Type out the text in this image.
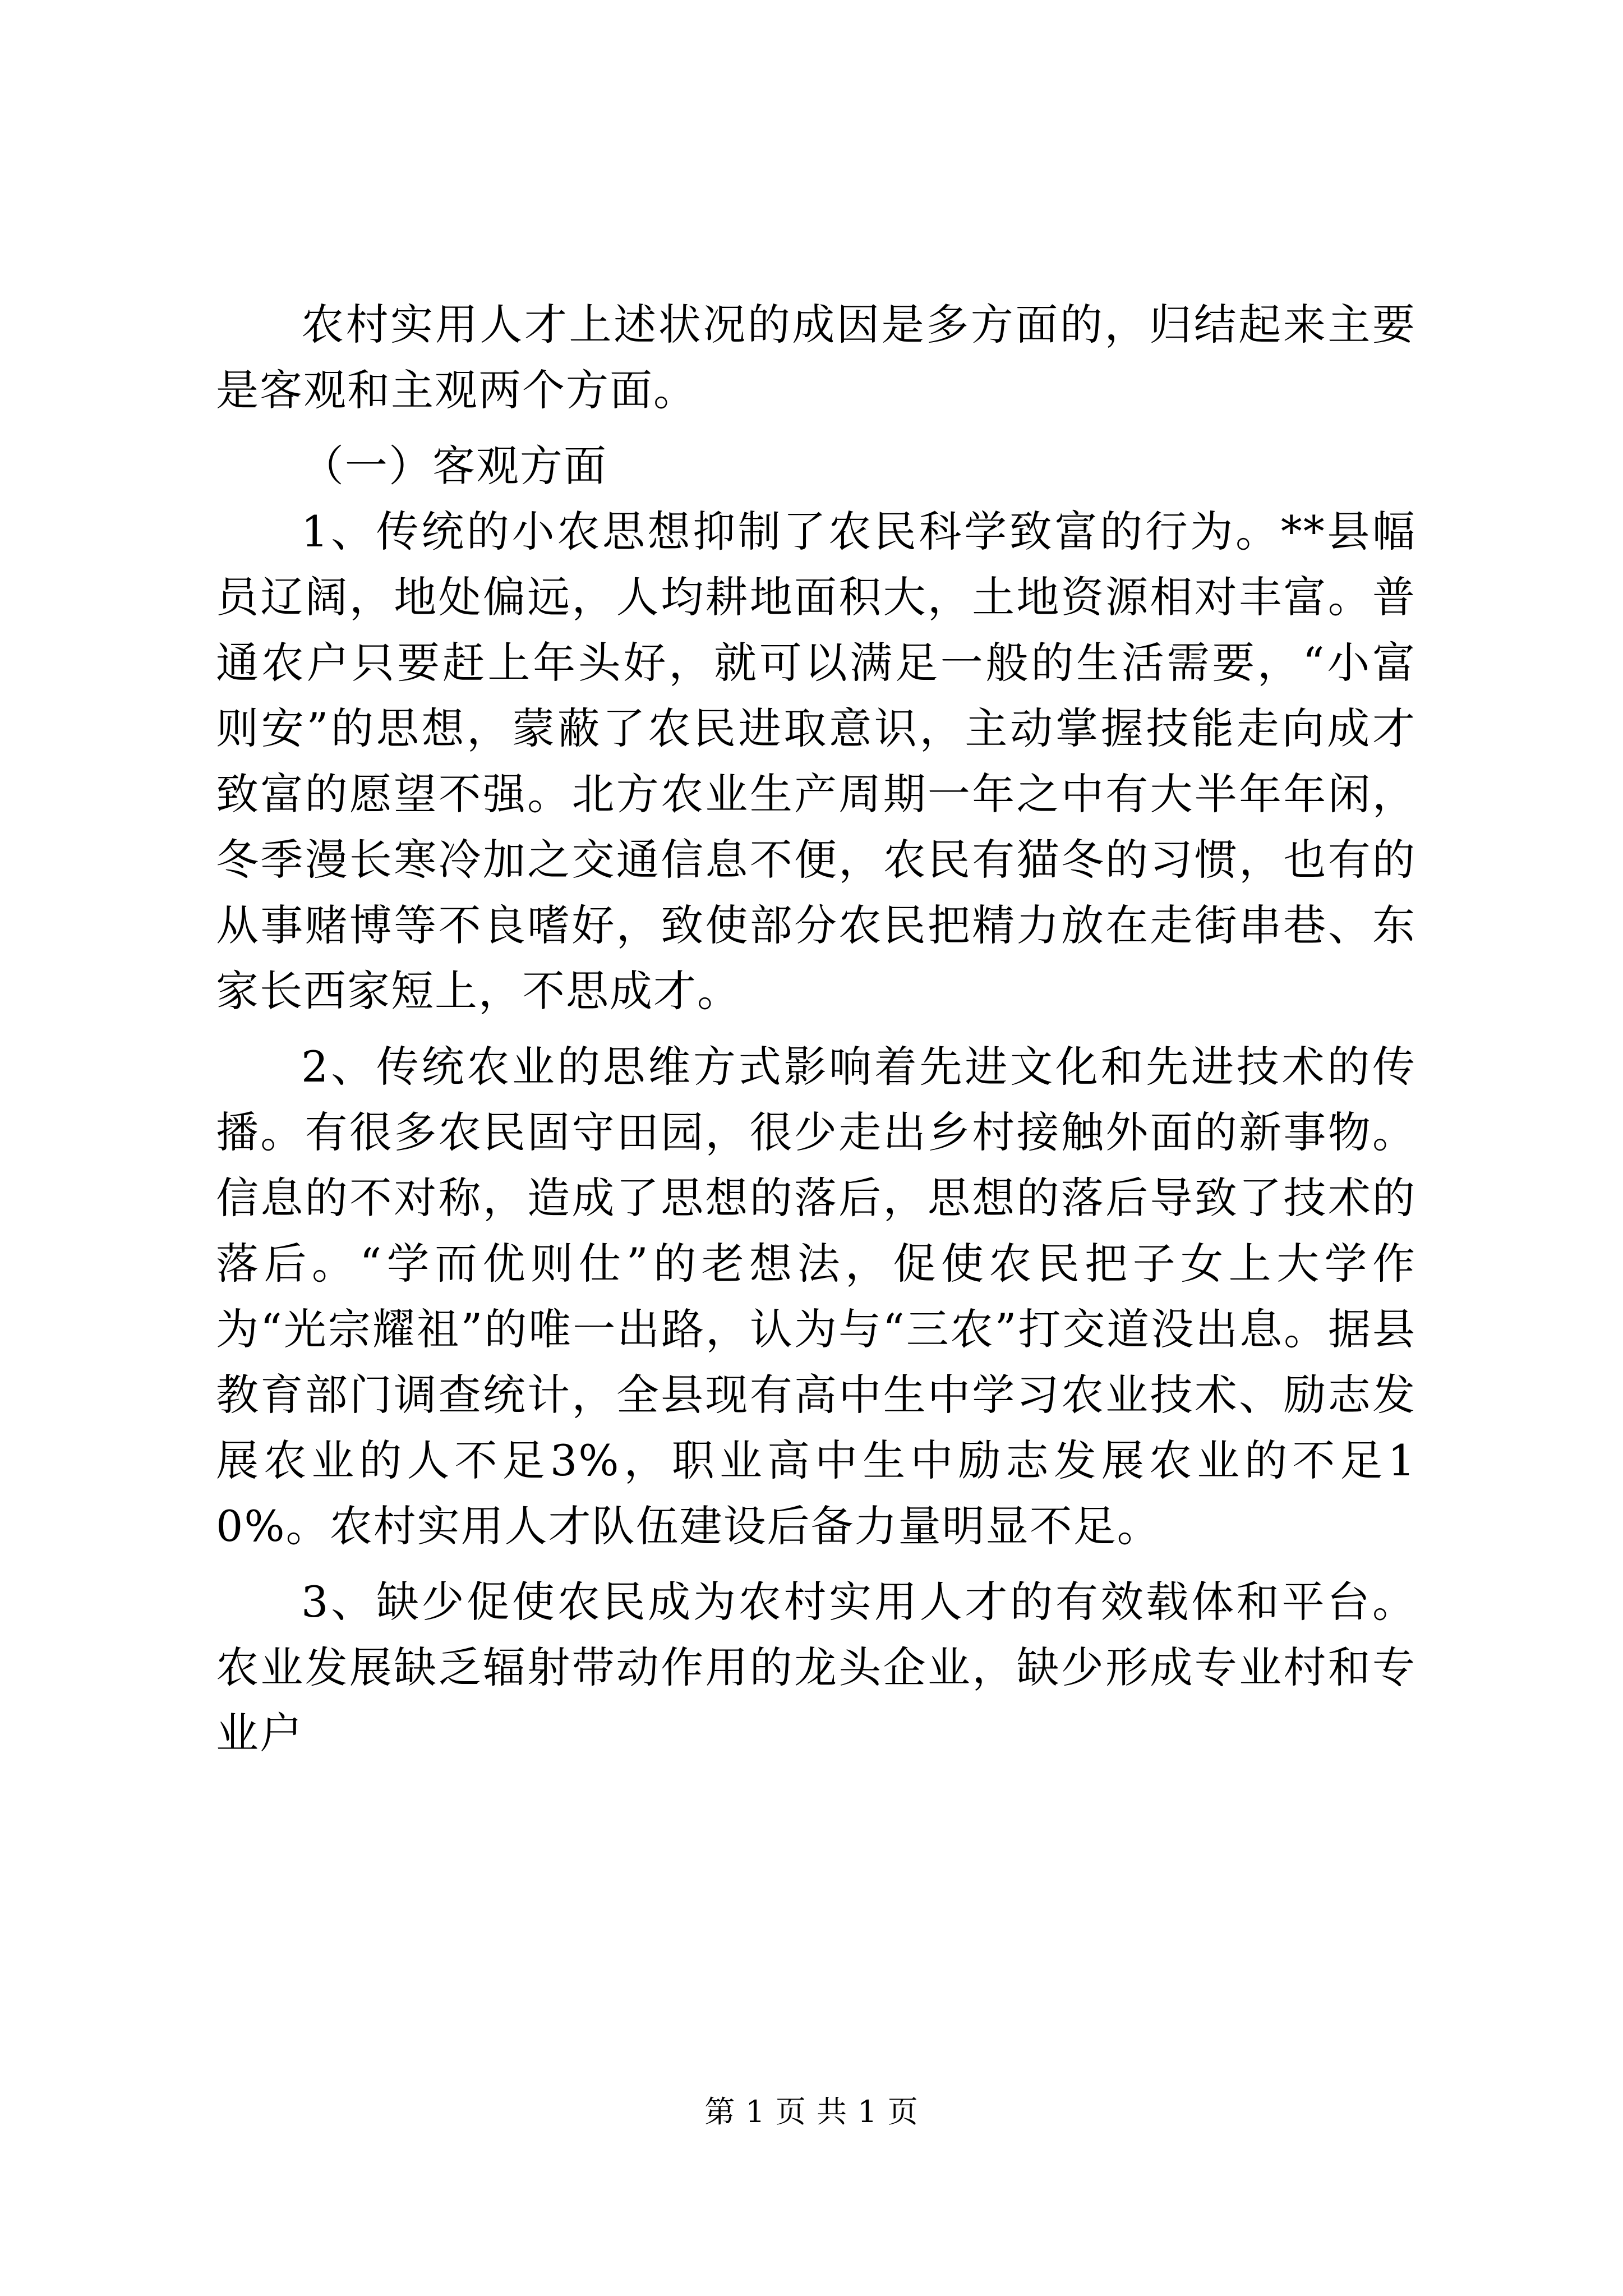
农村实用人才上述状况的成因是多方面的，归结起来主要是客观和主观两个方面。

（一）客观方面

1、传统的小农思想抑制了农民科学致富的行为。**县幅员辽阔，地处偏远，人均耕地面积大，土地资源相对丰富。普通农户只要赶上年头好，就可以满足一般的生活需要，“小富则安”的思想，蒙蔽了农民进取意识，主动掌握技能走向成才致富的愿望不强。北方农业生产周期一年之中有大半年年闲，冬季漫长寒冷加之交通信息不便，农民有猫冬的习惯，也有的从事赌博等不良嗜好，致使部分农民把精力放在走街串巷、东家长西家短上，不思成才。

2、传统农业的思维方式影响着先进文化和先进技术的传播。有很多农民固守田园，很少走出乡村接触外面的新事物。信息的不对称，造成了思想的落后，思想的落后导致了技术的落后。“学而优则仕”的老想法，促使农民把子女上大学作为“光宗耀祖”的唯一出路，认为与“三农”打交道没出息。据县教育部门调查统计，全县现有高中生中学习农业技术、励志发展农业的人不足3%，职业高中生中励志发展农业的不足10%。农村实用人才队伍建设后备力量明显不足。

3、缺少促使农民成为农村实用人才的有效载体和平台。农业发展缺乏辐射带动作用的龙头企业，缺少形成专业村和专业户

第 1 页 共 1 页
